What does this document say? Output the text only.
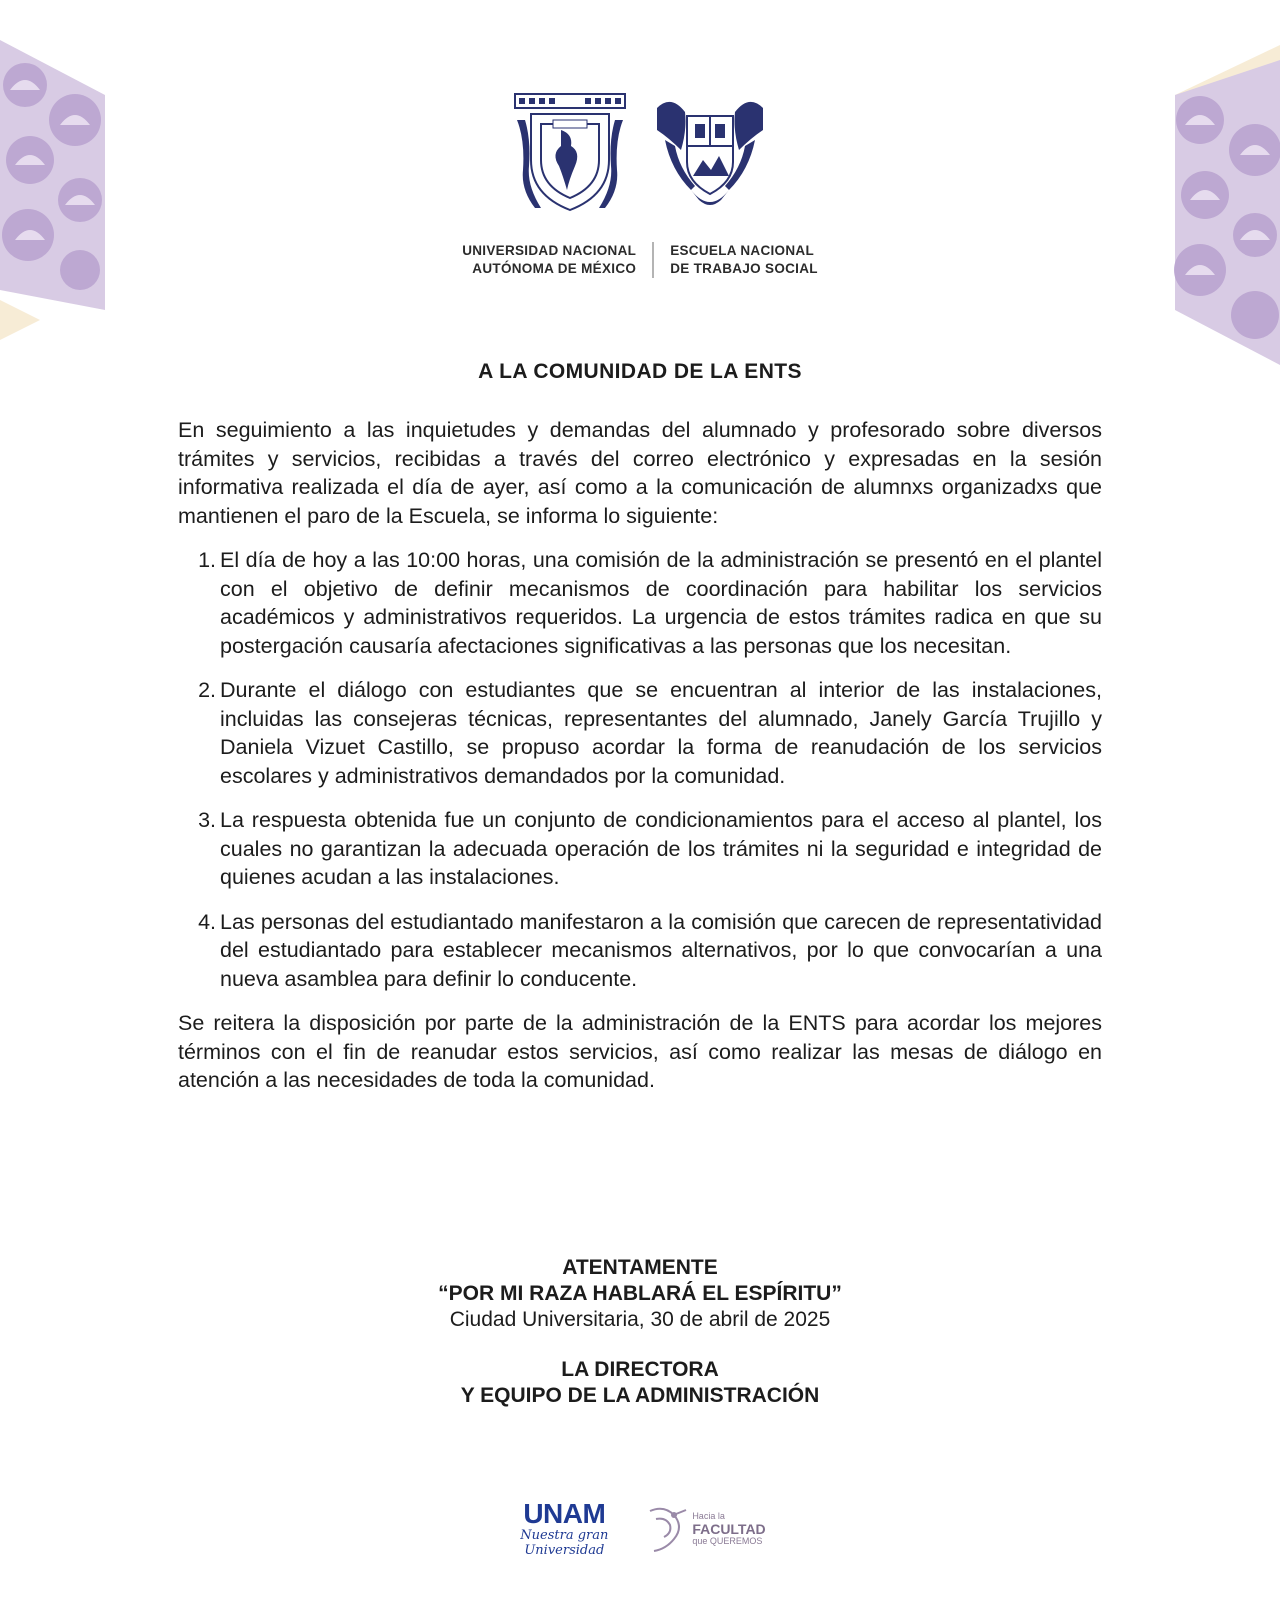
UNIVERSIDAD NACIONAL
AUTÓNOMA DE MÉXICO
ESCUELA NACIONAL
DE TRABAJO SOCIAL
A LA COMUNIDAD DE LA ENTS

En seguimiento a las inquietudes y demandas del alumnado y profesorado sobre diversos trámites y servicios, recibidas a través del correo electrónico y expresadas en la sesión informativa realizada el día de ayer, así como a la comunicación de alumnxs organizadxs que mantienen el paro de la Escuela, se informa lo siguiente:

1. El día de hoy a las 10:00 horas, una comisión de la administración se presentó en el plantel con el objetivo de definir mecanismos de coordinación para habilitar los servicios académicos y administrativos requeridos. La urgencia de estos trámites radica en que su postergación causaría afectaciones significativas a las personas que los necesitan.
2. Durante el diálogo con estudiantes que se encuentran al interior de las instalaciones, incluidas las consejeras técnicas, representantes del alumnado, Janely García Trujillo y Daniela Vizuet Castillo, se propuso acordar la forma de reanudación de los servicios escolares y administrativos demandados por la comunidad.
3. La respuesta obtenida fue un conjunto de condicionamientos para el acceso al plantel, los cuales no garantizan la adecuada operación de los trámites ni la seguridad e integridad de quienes acudan a las instalaciones.
4. Las personas del estudiantado manifestaron a la comisión que carecen de representatividad del estudiantado para establecer mecanismos alternativos, por lo que convocarían a una nueva asamblea para definir lo conducente.

Se reitera la disposición por parte de la administración de la ENTS para acordar los mejores términos con el fin de reanudar estos servicios, así como realizar las mesas de diálogo en atención a las necesidades de toda la comunidad.

ATENTAMENTE
“POR MI RAZA HABLARÁ EL ESPÍRITU”
Ciudad Universitaria, 30 de abril de 2025
LA DIRECTORA
Y EQUIPO DE LA ADMINISTRACIÓN
UNAM
Nuestra gran
Universidad
Hacia la
FACULTAD
que QUEREMOS
